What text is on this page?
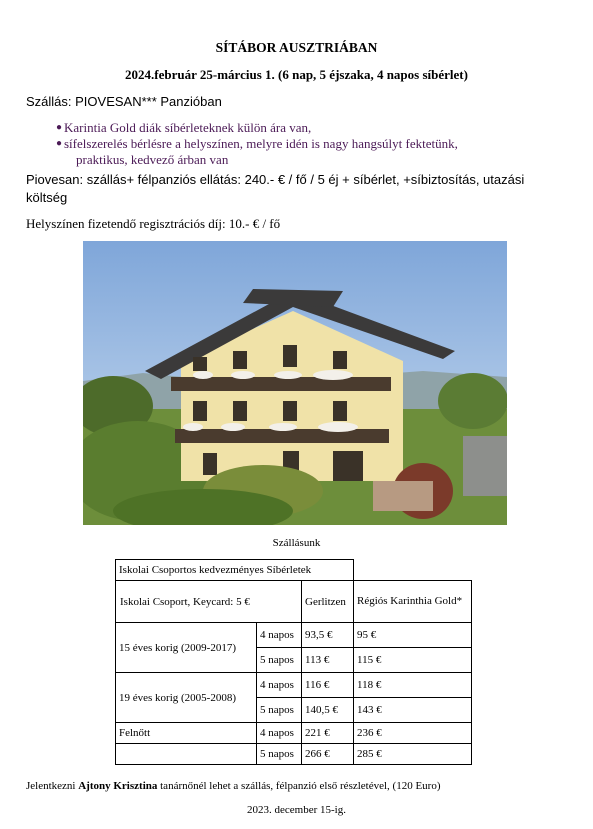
SÍTÁBOR AUSZTRIÁBAN
2024.február 25-március 1. (6 nap, 5 éjszaka, 4 napos síbérlet)
Szállás: PIOVESAN*** Panzióban
● Karintia Gold diák síbérleteknek külön ára van,
● sífelszerelés bérlésre a helyszínen, melyre idén is nagy hangsúlyt fektetünk,
praktikus, kedvező árban van
Piovesan: szállás+ félpanziós ellátás: 240.- € / fő / 5 éj + síbérlet, +síbiztosítás, utazási költség
Helyszínen fizetendő regisztrációs díj: 10.- € / fő
Szállásunk
Iskolai Csoportos kedvezményes Síbérletek			
Iskolai Csoport, Keycard: 5 €		Gerlitzen	Régiós Karinthia Gold*
15 éves korig (2009-2017)	4 napos	93,5 €	95 €
	5 napos	113 €	115 €
19 éves korig (2005-2008)	4 napos	116 €	118 €
	5 napos	140,5 €	143 €
Felnőtt	4 napos	221 €	236 €
	5 napos	266 €	285 €
Jelentkezni Ajtony Krisztina tanárnőnél lehet a szállás, félpanzió első részletével, (120 Euro)
2023. december 15-ig.
